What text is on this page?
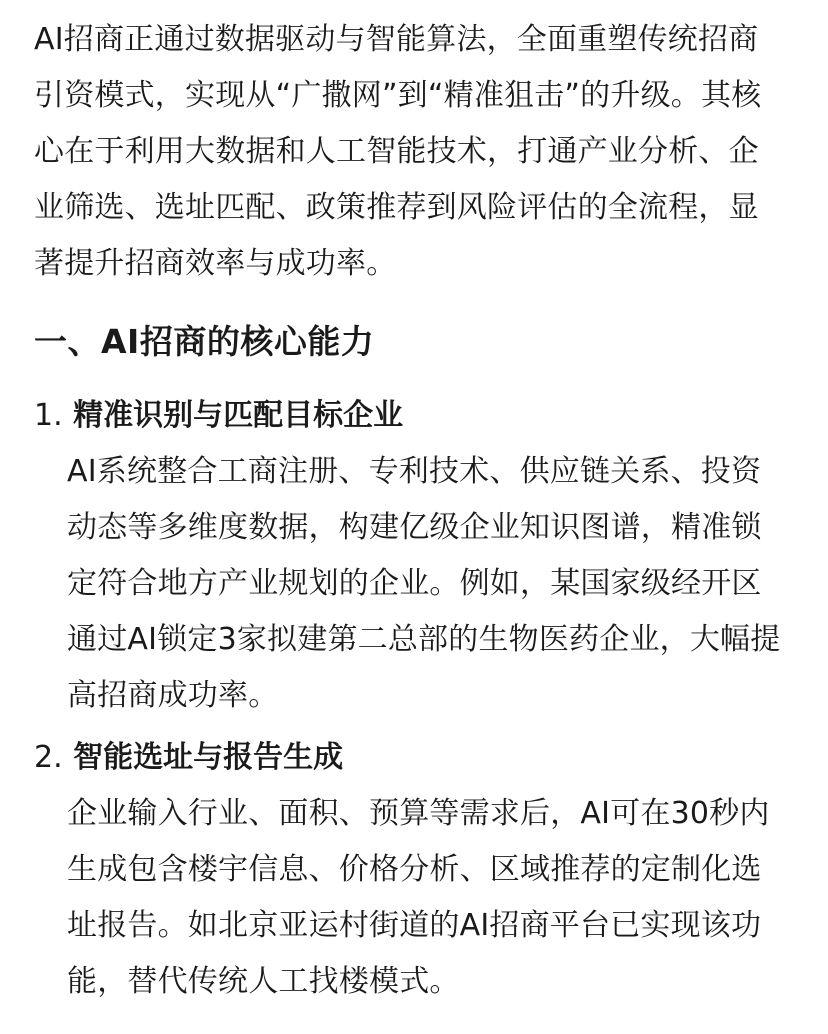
AI招商正通过数据驱动与智能算法，全面重塑传统招商引资模式，实现从“广撒网”到“精准狙击”的升级。其核心在于利用大数据和人工智能技术，打通产业分析、企业筛选、选址匹配、政策推荐到风险评估的全流程，显著提升招商效率与成功率。

一、AI招商的核心能力
1. 精准识别与匹配目标企业

AI系统整合工商注册、专利技术、供应链关系、投资动态等多维度数据，构建亿级企业知识图谱，精准锁定符合地方产业规划的企业。例如，某国家级经开区通过AI锁定3家拟建第二总部的生物医药企业，大幅提高招商成功率。

2. 智能选址与报告生成

企业输入行业、面积、预算等需求后，AI可在30秒内生成包含楼宇信息、价格分析、区域推荐的定制化选址报告。如北京亚运村街道的AI招商平台已实现该功能，替代传统人工找楼模式。
